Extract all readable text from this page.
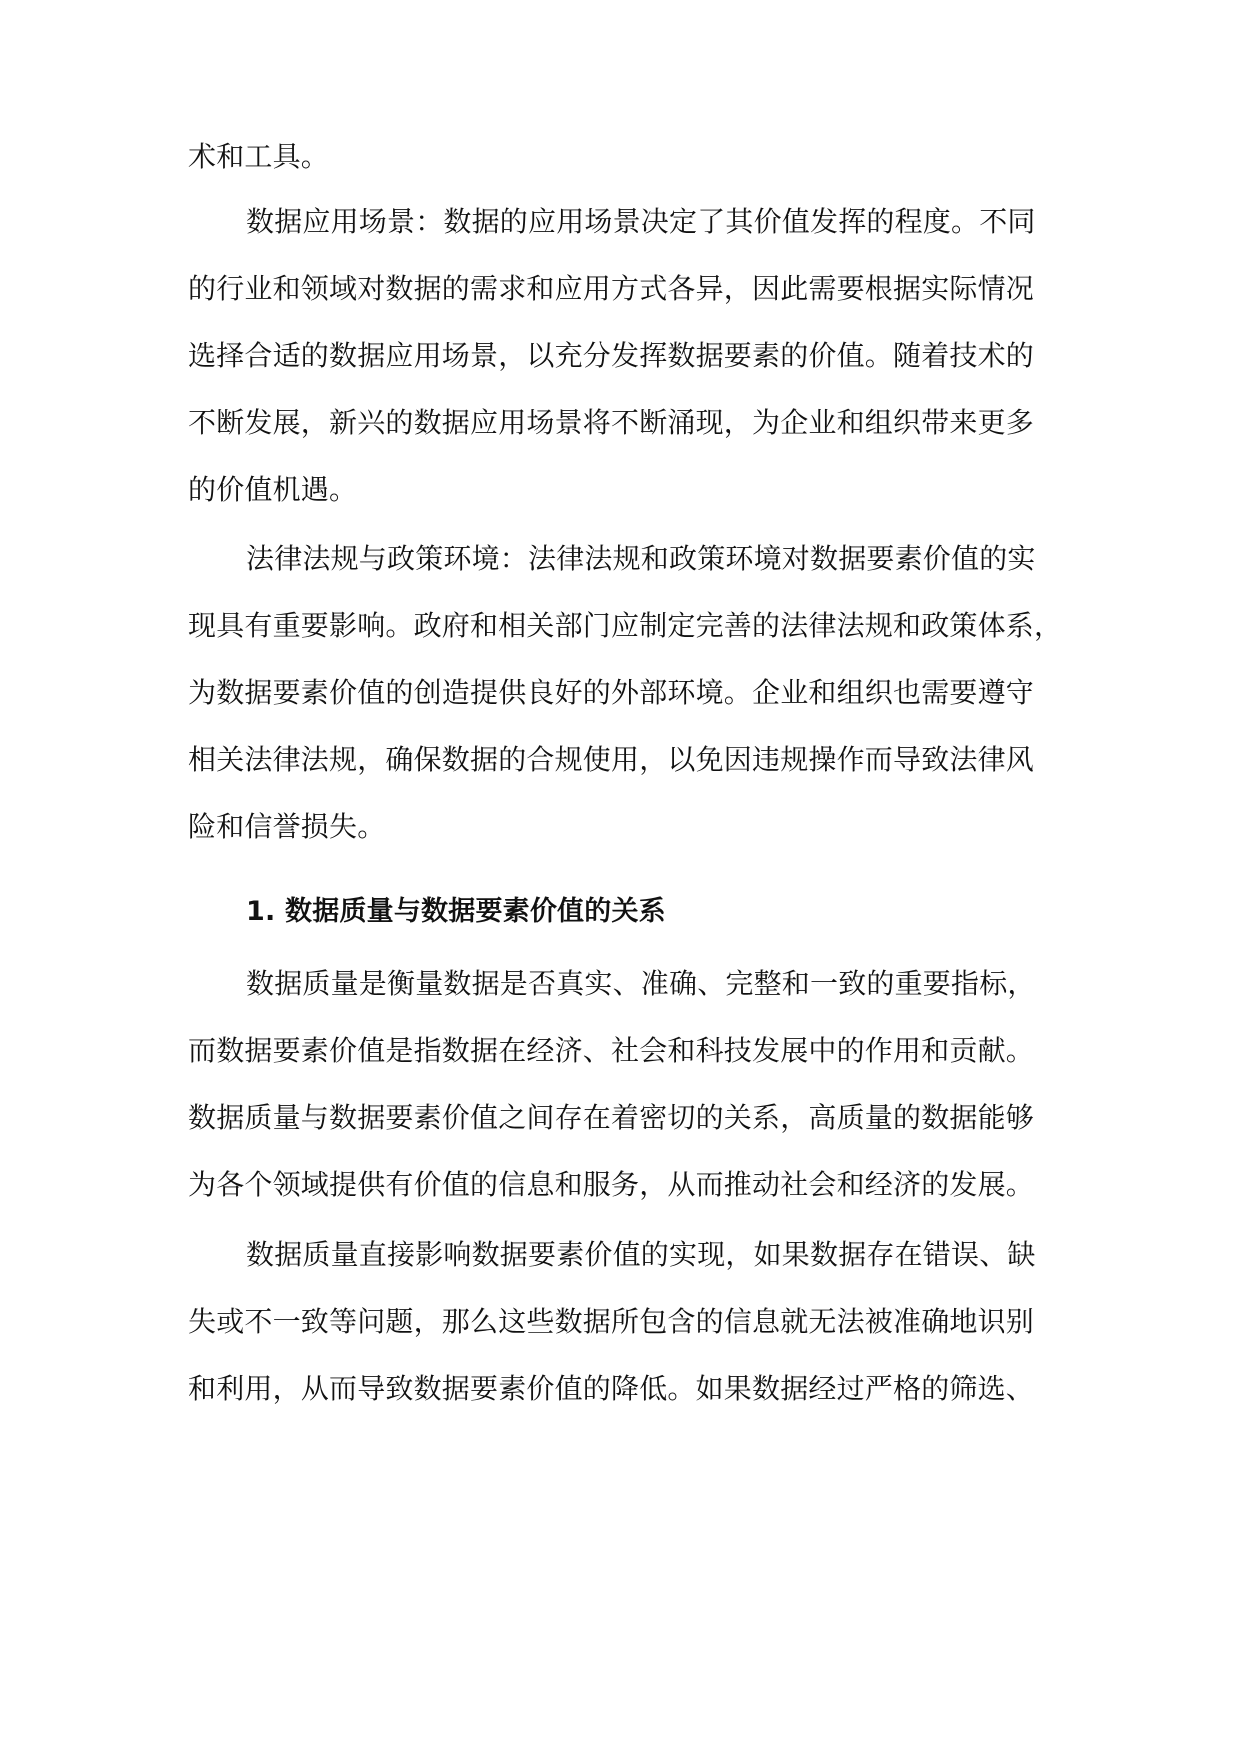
术和工具。
数据应用场景：数据的应用场景决定了其价值发挥的程度。不同
的行业和领域对数据的需求和应用方式各异，因此需要根据实际情况
选择合适的数据应用场景，以充分发挥数据要素的价值。随着技术的
不断发展，新兴的数据应用场景将不断涌现，为企业和组织带来更多
的价值机遇。
法律法规与政策环境：法律法规和政策环境对数据要素价值的实
现具有重要影响。政府和相关部门应制定完善的法律法规和政策体系，
为数据要素价值的创造提供良好的外部环境。企业和组织也需要遵守
相关法律法规，确保数据的合规使用，以免因违规操作而导致法律风
险和信誉损失。
1. 数据质量与数据要素价值的关系
数据质量是衡量数据是否真实、准确、完整和一致的重要指标，
而数据要素价值是指数据在经济、社会和科技发展中的作用和贡献。
数据质量与数据要素价值之间存在着密切的关系，高质量的数据能够
为各个领域提供有价值的信息和服务，从而推动社会和经济的发展。
数据质量直接影响数据要素价值的实现，如果数据存在错误、缺
失或不一致等问题，那么这些数据所包含的信息就无法被准确地识别
和利用，从而导致数据要素价值的降低。如果数据经过严格的筛选、
